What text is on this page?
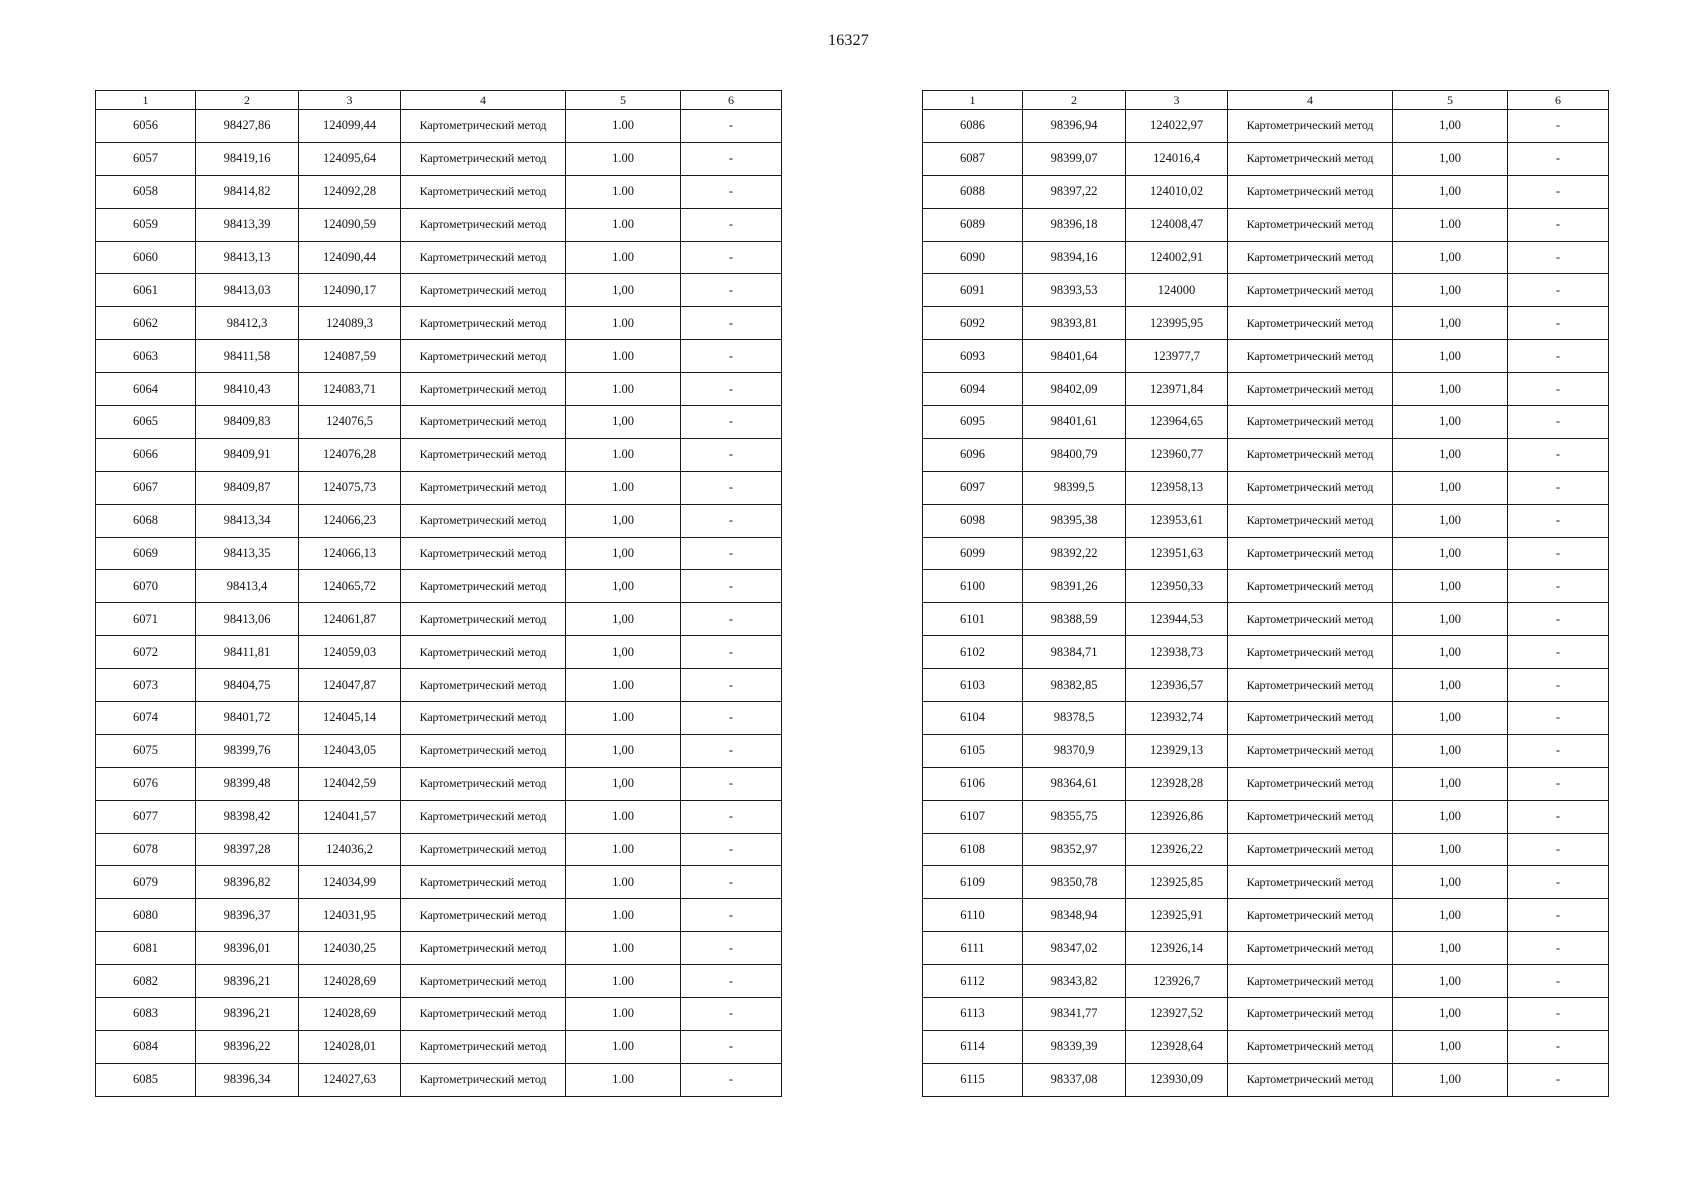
16327
1	2	3	4	5	6
6056	98427,86	124099,44	Картометрический метод	1.00	-
6057	98419,16	124095,64	Картометрический метод	1.00	-
6058	98414,82	124092,28	Картометрический метод	1.00	-
6059	98413,39	124090,59	Картометрический метод	1.00	-
6060	98413,13	124090,44	Картометрический метод	1.00	-
6061	98413,03	124090,17	Картометрический метод	1,00	-
6062	98412,3	124089,3	Картометрический метод	1.00	-
6063	98411,58	124087,59	Картометрический метод	1.00	-
6064	98410,43	124083,71	Картометрический метод	1.00	-
6065	98409,83	124076,5	Картометрический метод	1,00	-
6066	98409,91	124076,28	Картометрический метод	1.00	-
6067	98409,87	124075,73	Картометрический метод	1.00	-
6068	98413,34	124066,23	Картометрический метод	1,00	-
6069	98413,35	124066,13	Картометрический метод	1,00	-
6070	98413,4	124065,72	Картометрический метод	1,00	-
6071	98413,06	124061,87	Картометрический метод	1,00	-
6072	98411,81	124059,03	Картометрический метод	1,00	-
6073	98404,75	124047,87	Картометрический метод	1.00	-
6074	98401,72	124045,14	Картометрический метод	1.00	-
6075	98399,76	124043,05	Картометрический метод	1,00	-
6076	98399,48	124042,59	Картометрический метод	1,00	-
6077	98398,42	124041,57	Картометрический метод	1.00	-
6078	98397,28	124036,2	Картометрический метод	1.00	-
6079	98396,82	124034,99	Картометрический метод	1.00	-
6080	98396,37	124031,95	Картометрический метод	1.00	-
6081	98396,01	124030,25	Картометрический метод	1.00	-
6082	98396,21	124028,69	Картометрический метод	1.00	-
6083	98396,21	124028,69	Картометрический метод	1.00	-
6084	98396,22	124028,01	Картометрический метод	1.00	-
6085	98396,34	124027,63	Картометрический метод	1.00	-
1	2	3	4	5	6
6086	98396,94	124022,97	Картометрический метод	1,00	-
6087	98399,07	124016,4	Картометрический метод	1,00	-
6088	98397,22	124010,02	Картометрический метод	1,00	-
6089	98396,18	124008,47	Картометрический метод	1.00	-
6090	98394,16	124002,91	Картометрический метод	1,00	-
6091	98393,53	124000	Картометрический метод	1,00	-
6092	98393,81	123995,95	Картометрический метод	1,00	-
6093	98401,64	123977,7	Картометрический метод	1,00	-
6094	98402,09	123971,84	Картометрический метод	1,00	-
6095	98401,61	123964,65	Картометрический метод	1,00	-
6096	98400,79	123960,77	Картометрический метод	1,00	-
6097	98399,5	123958,13	Картометрический метод	1,00	-
6098	98395,38	123953,61	Картометрический метод	1,00	-
6099	98392,22	123951,63	Картометрический метод	1,00	-
6100	98391,26	123950,33	Картометрический метод	1,00	-
6101	98388,59	123944,53	Картометрический метод	1,00	-
6102	98384,71	123938,73	Картометрический метод	1,00	-
6103	98382,85	123936,57	Картометрический метод	1,00	-
6104	98378,5	123932,74	Картометрический метод	1,00	-
6105	98370,9	123929,13	Картометрический метод	1,00	-
6106	98364,61	123928,28	Картометрический метод	1,00	-
6107	98355,75	123926,86	Картометрический метод	1,00	-
6108	98352,97	123926,22	Картометрический метод	1,00	-
6109	98350,78	123925,85	Картометрический метод	1,00	-
6110	98348,94	123925,91	Картометрический метод	1,00	-
6111	98347,02	123926,14	Картометрический метод	1,00	-
6112	98343,82	123926,7	Картометрический метод	1,00	-
6113	98341,77	123927,52	Картометрический метод	1,00	-
6114	98339,39	123928,64	Картометрический метод	1,00	-
6115	98337,08	123930,09	Картометрический метод	1,00	-
